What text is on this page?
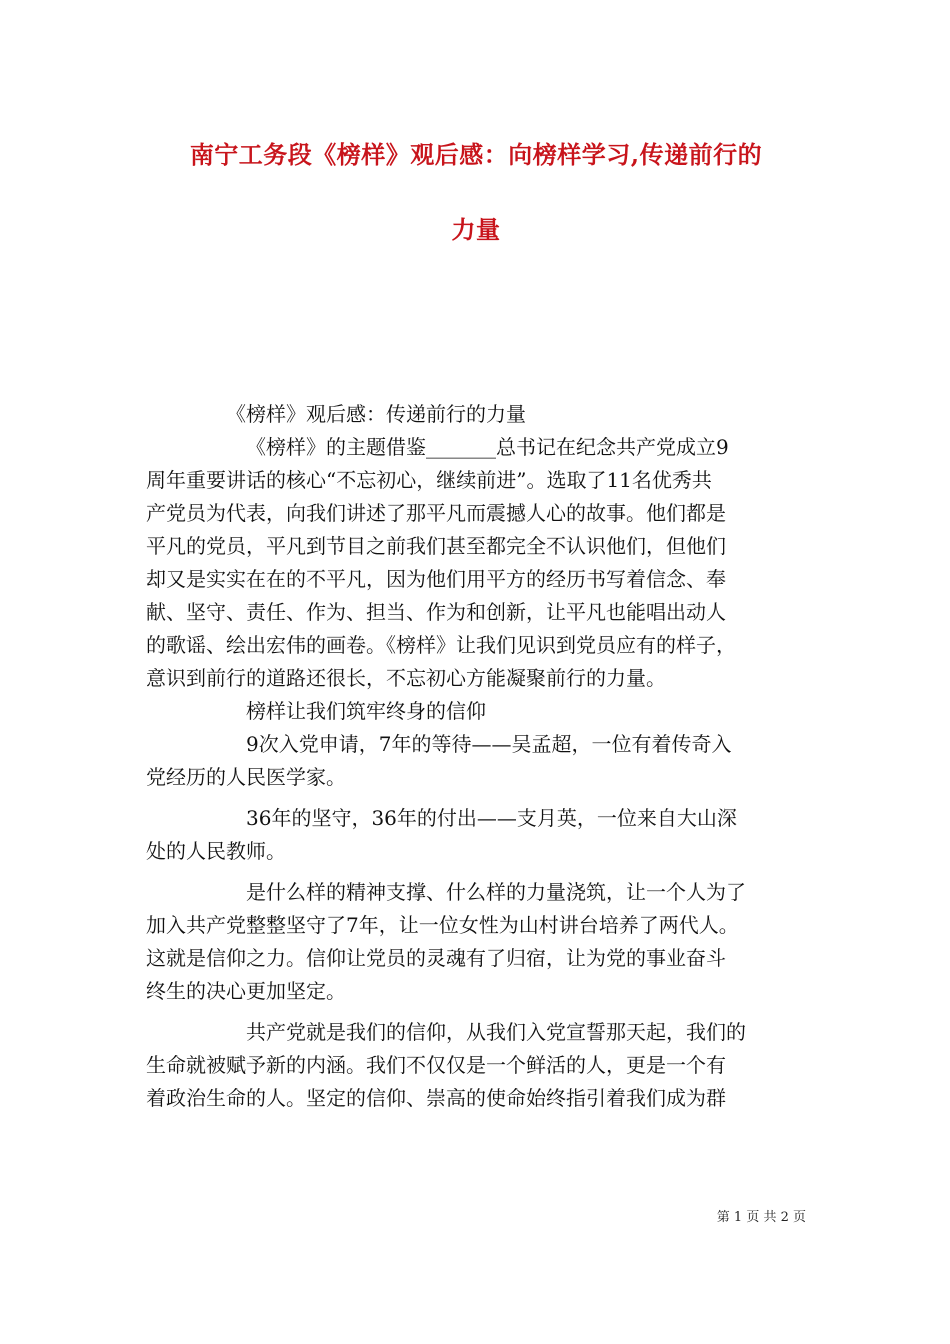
南宁工务段《榜样》观后感：向榜样学习,传递前行的
力量
《榜样》观后感：传递前行的力量
《榜样》的主题借鉴_______总书记在纪念共产党成立9
周年重要讲话的核心“不忘初心，继续前进”。选取了11名优秀共
产党员为代表，向我们讲述了那平凡而震撼人心的故事。他们都是
平凡的党员，平凡到节目之前我们甚至都完全不认识他们，但他们
却又是实实在在的不平凡，因为他们用平方的经历书写着信念、奉
献、坚守、责任、作为、担当、作为和创新，让平凡也能唱出动人
的歌谣、绘出宏伟的画卷。《榜样》让我们见识到党员应有的样子，
意识到前行的道路还很长，不忘初心方能凝聚前行的力量。
榜样让我们筑牢终身的信仰
9次入党申请，7年的等待——吴孟超，一位有着传奇入
党经历的人民医学家。
36年的坚守，36年的付出——支月英，一位来自大山深
处的人民教师。
是什么样的精神支撑、什么样的力量浇筑，让一个人为了
加入共产党整整坚守了7年，让一位女性为山村讲台培养了两代人。
这就是信仰之力。信仰让党员的灵魂有了归宿，让为党的事业奋斗
终生的决心更加坚定。
共产党就是我们的信仰，从我们入党宣誓那天起，我们的
生命就被赋予新的内涵。我们不仅仅是一个鲜活的人，更是一个有
着政治生命的人。坚定的信仰、崇高的使命始终指引着我们成为群
第 1 页 共 2 页
